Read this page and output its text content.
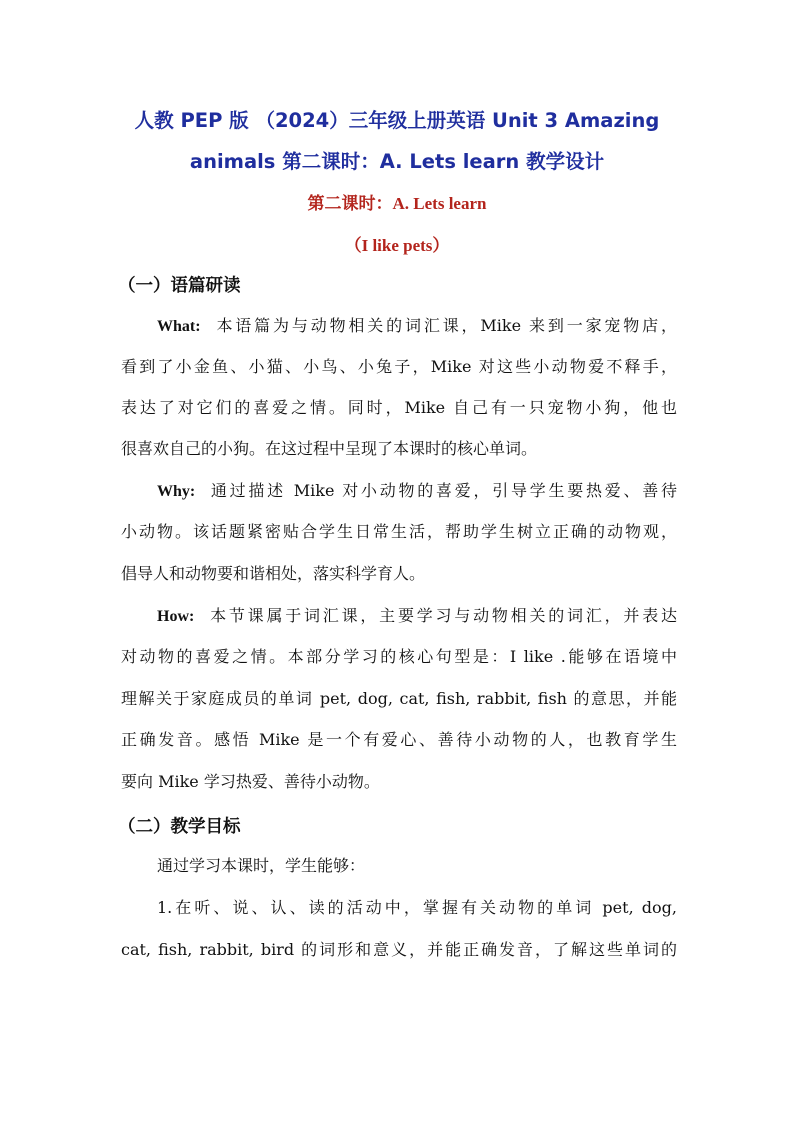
人教 PEP 版 （2024）三年级上册英语 Unit 3 Amazing
animals 第二课时：A. Lets learn 教学设计
第二课时：A. Lets learn
（I like pets）
（一）语篇研读
What: 本语篇为与动物相关的词汇课，Mike 来到一家宠物店，
看到了小金鱼、小猫、小鸟、小兔子，Mike 对这些小动物爱不释手，
表达了对它们的喜爱之情。同时，Mike 自己有一只宠物小狗，他也
很喜欢自己的小狗。在这过程中呈现了本课时的核心单词。
Why: 通过描述 Mike 对小动物的喜爱，引导学生要热爱、善待
小动物。该话题紧密贴合学生日常生活，帮助学生树立正确的动物观，
倡导人和动物要和谐相处，落实科学育人。
How: 本节课属于词汇课，主要学习与动物相关的词汇，并表达
对动物的喜爱之情。本部分学习的核心句型是：I like .能够在语境中
理解关于家庭成员的单词 pet, dog, cat, fish, rabbit, fish 的意思，并能
正确发音。感悟 Mike 是一个有爱心、善待小动物的人，也教育学生
要向 Mike 学习热爱、善待小动物。
（二）教学目标
通过学习本课时，学生能够：
1.在听、说、认、读的活动中，掌握有关动物的单词 pet, dog,
cat, fish, rabbit, bird 的词形和意义，并能正确发音，了解这些单词的
